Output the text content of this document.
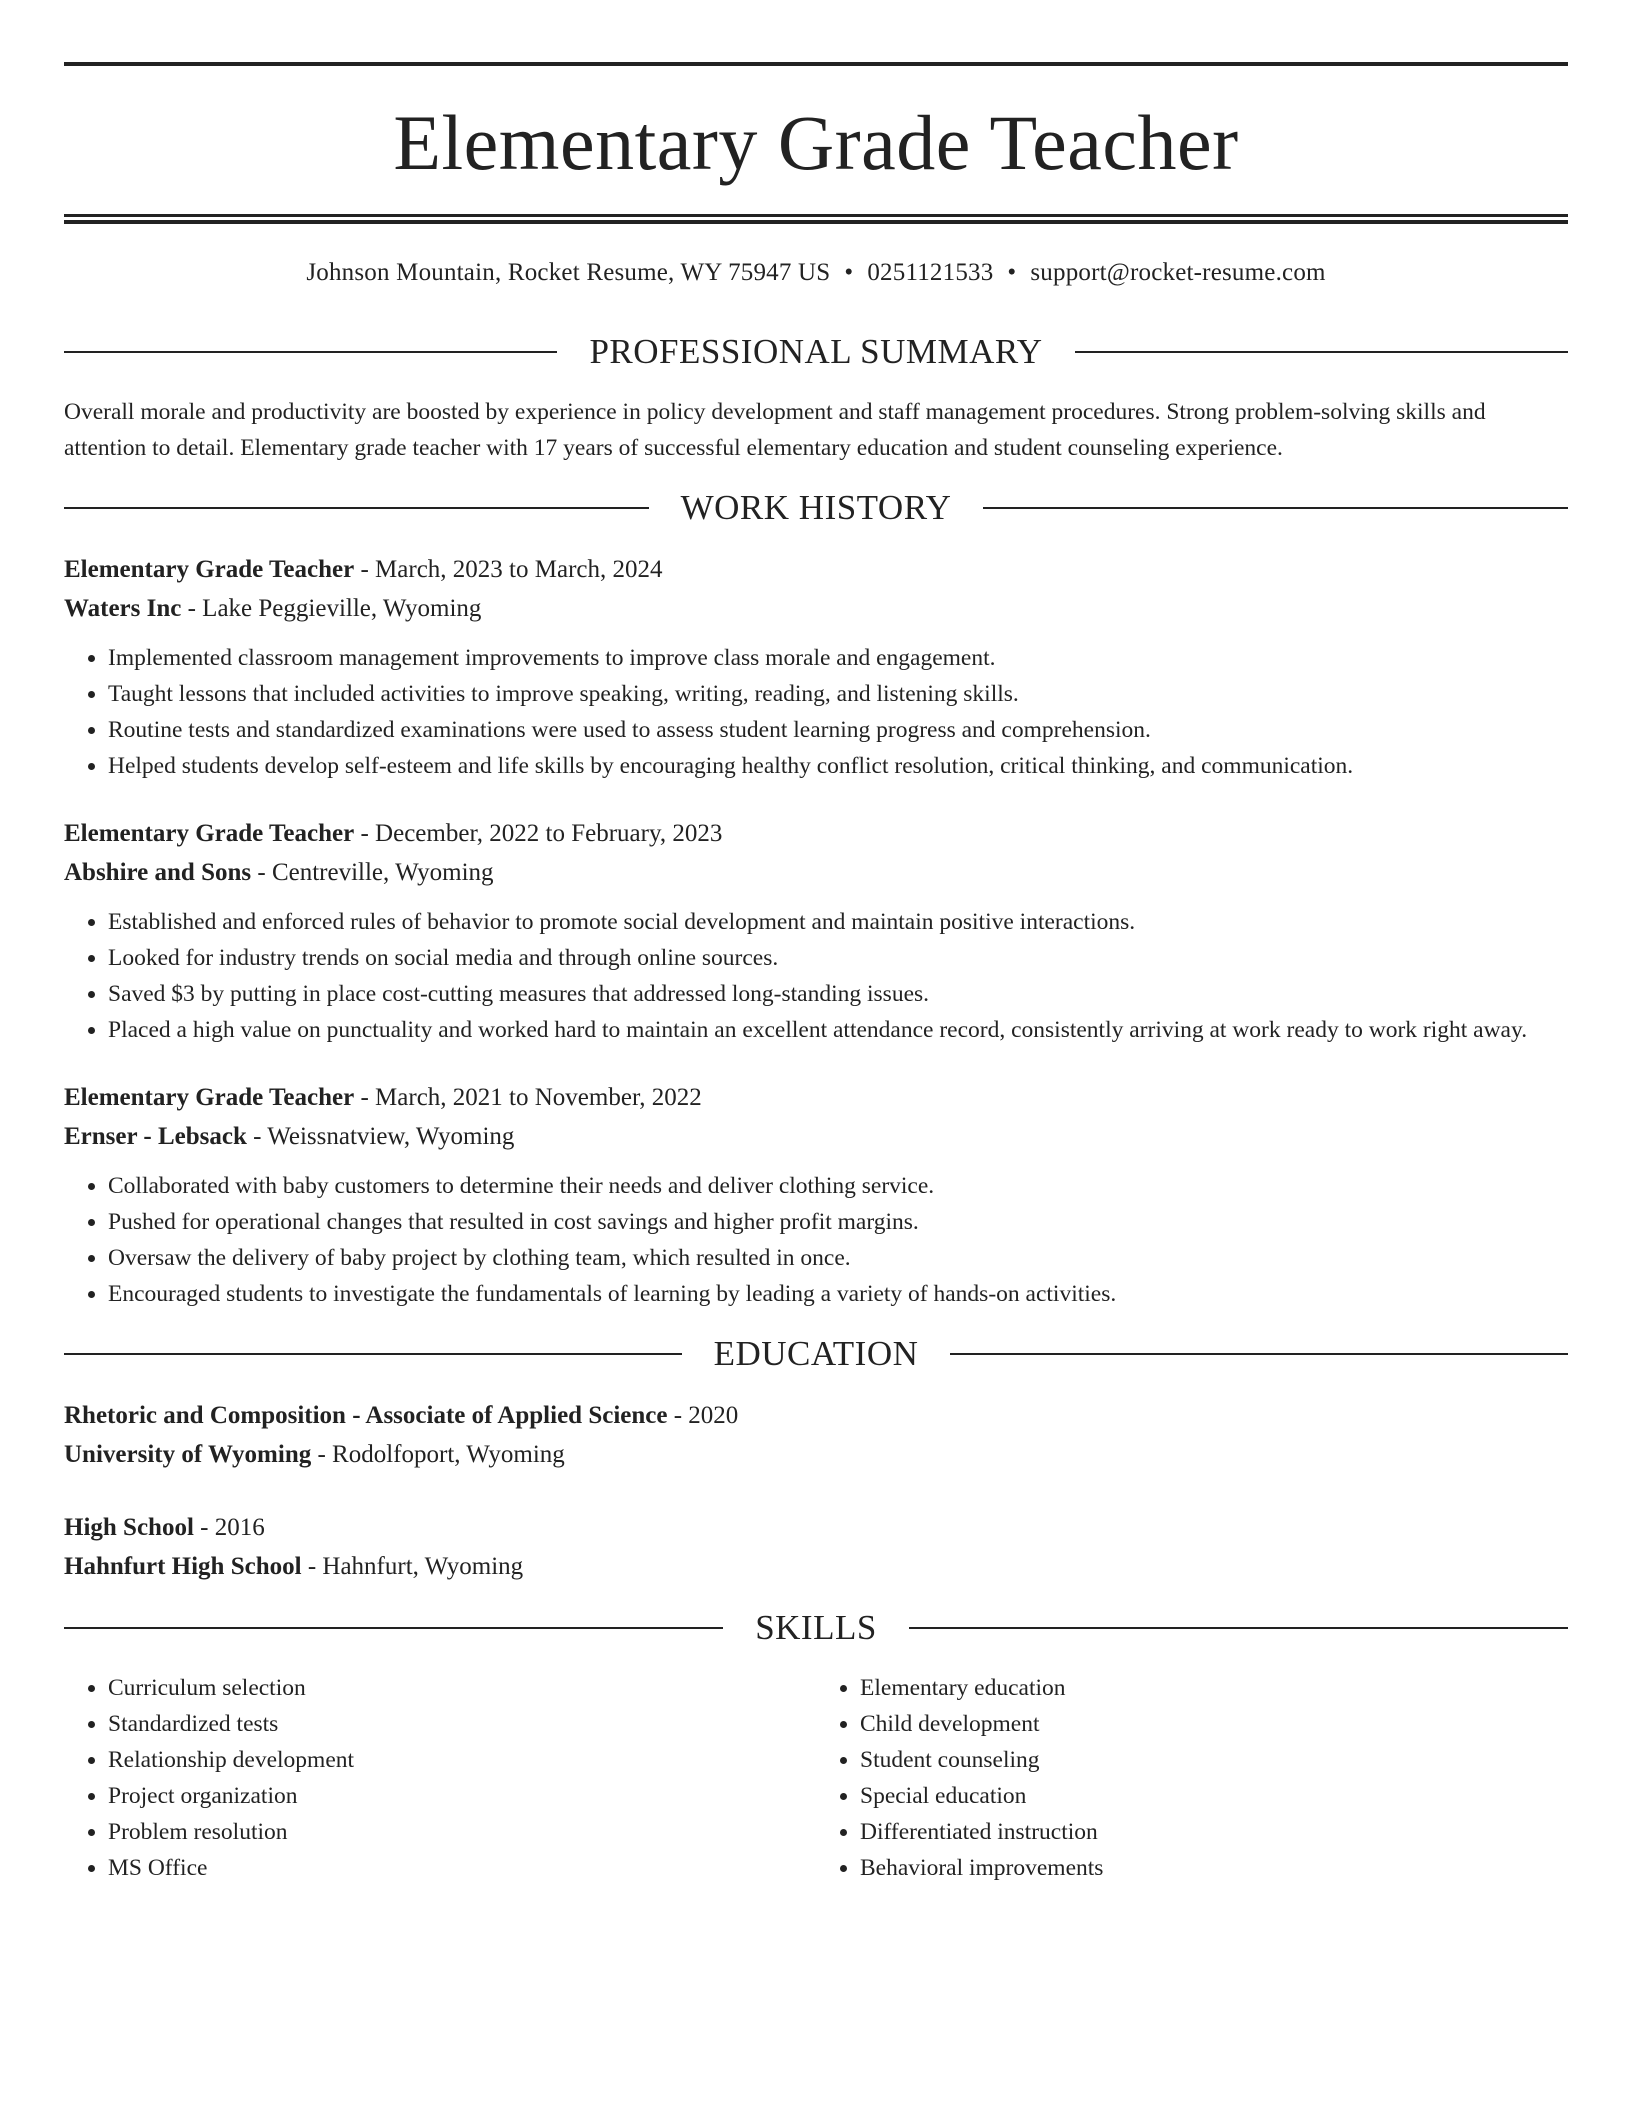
Elementary Grade Teacher
Johnson Mountain, Rocket Resume, WY 75947 US • 0251121533 • support@rocket-resume.com
PROFESSIONAL SUMMARY

Overall morale and productivity are boosted by experience in policy development and staff management procedures. Strong problem-solving skills and attention to detail. Elementary grade teacher with 17 years of successful elementary education and student counseling experience.

WORK HISTORY
Elementary Grade Teacher - March, 2023 to March, 2024
Waters Inc - Lake Peggieville, Wyoming
• Implemented classroom management improvements to improve class morale and engagement.
• Taught lessons that included activities to improve speaking, writing, reading, and listening skills.
• Routine tests and standardized examinations were used to assess student learning progress and comprehension.
• Helped students develop self-esteem and life skills by encouraging healthy conflict resolution, critical thinking, and communication.
Elementary Grade Teacher - December, 2022 to February, 2023
Abshire and Sons - Centreville, Wyoming
• Established and enforced rules of behavior to promote social development and maintain positive interactions.
• Looked for industry trends on social media and through online sources.
• Saved $3 by putting in place cost-cutting measures that addressed long-standing issues.
• Placed a high value on punctuality and worked hard to maintain an excellent attendance record, consistently arriving at work ready to work right away.
Elementary Grade Teacher - March, 2021 to November, 2022
Ernser - Lebsack - Weissnatview, Wyoming
• Collaborated with baby customers to determine their needs and deliver clothing service.
• Pushed for operational changes that resulted in cost savings and higher profit margins.
• Oversaw the delivery of baby project by clothing team, which resulted in once.
• Encouraged students to investigate the fundamentals of learning by leading a variety of hands-on activities.
EDUCATION
Rhetoric and Composition - Associate of Applied Science - 2020
University of Wyoming - Rodolfoport, Wyoming
High School - 2016
Hahnfurt High School - Hahnfurt, Wyoming
SKILLS
• Curriculum selection
• Standardized tests
• Relationship development
• Project organization
• Problem resolution
• MS Office
• Elementary education
• Child development
• Student counseling
• Special education
• Differentiated instruction
• Behavioral improvements
